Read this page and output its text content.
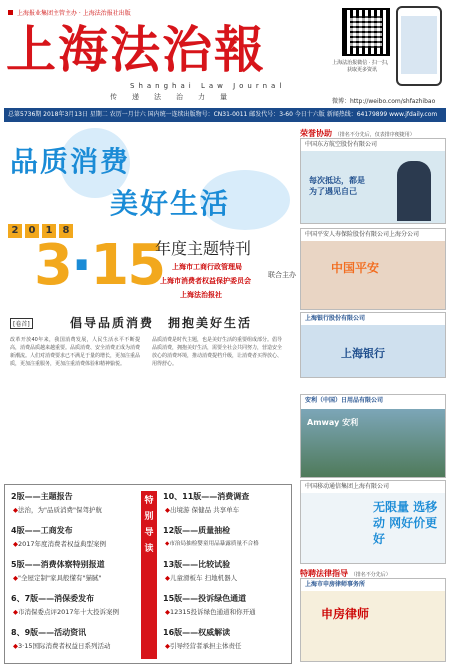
上海报业集团主管主办 · 上海法治报社出版
上海法治報
Shanghai Law Journal
传递法治力量
上海法治报微信 · 扫一扫，获取更多资讯
微博：http://weibo.com/shfazhibao
总第5736期 2018年3月13日 星期二 农历一月廿六 国内统一连续出版物号：CN31-0011 邮发代号：3-60 今日十六版 新闻热线：64179899 www.jfdaily.com
品质消费
美好生活
2	0	1	8
3·15
年度主题特刊
上海市工商行政管理局
上海市消费者权益保护委员会
上海法治报社
联合主办
[卷首]	倡导品质消费　拥抱美好生活
改革开放40年来，我国消费发展，人民生活水平不断提高，消费品质越来越重要。品质消费、安全消费正成为消费新潮流。人们对消费要求已不满足于量的增长，更加注重品质，更加注重服务，更加注重消费体验和精神愉悦。
品质消费是时代主题，也是美好生活的重要组成部分。倡导品质消费，拥抱美好生活，需要全社会共同努力，营造安全放心的消费环境，推动消费提档升级，让消费者买得放心、用得舒心。
特别导读
2版——主题报告
◆法治，为"品质消费"保驾护航
4版——工商发布
◆2017年度消费者权益典型案例
5版——消费体察特别报道
◆"全屋定制"家具般懂有"猫腻"
6、7版——消保委发布
◆市消保委点评2017年十大投诉案例
8、9版——活动资讯
◆3·15国际消费者权益日系列活动
10、11版——消费调查
◆出境游 保健品 共享单车
12版——质量抽检
◆市治局抽检婴童用品暴露质量不合格
13版——比较试验
◆儿童滑板车 扫地机器人
15版——投诉绿色通道
◆12315投诉绿色通道和你开通
16版——权威解读
◆引导经营者承担主体责任
荣誉协助 （排名不分先后，仅表排序便捷用）
中国东方航空股份有限公司
每次抵达，都是为了遇见自己
中国平安人寿保险股份有限公司上海分公司
中国平安
上海银行股份有限公司
上海银行
安利（中国）日用品有限公司
Amway 安利
中国移动通信集团上海有限公司
无限量 选移动 网好价更好
特聘法律指导 （排名不分先后）
上海市申房律师事务所
申房律师
